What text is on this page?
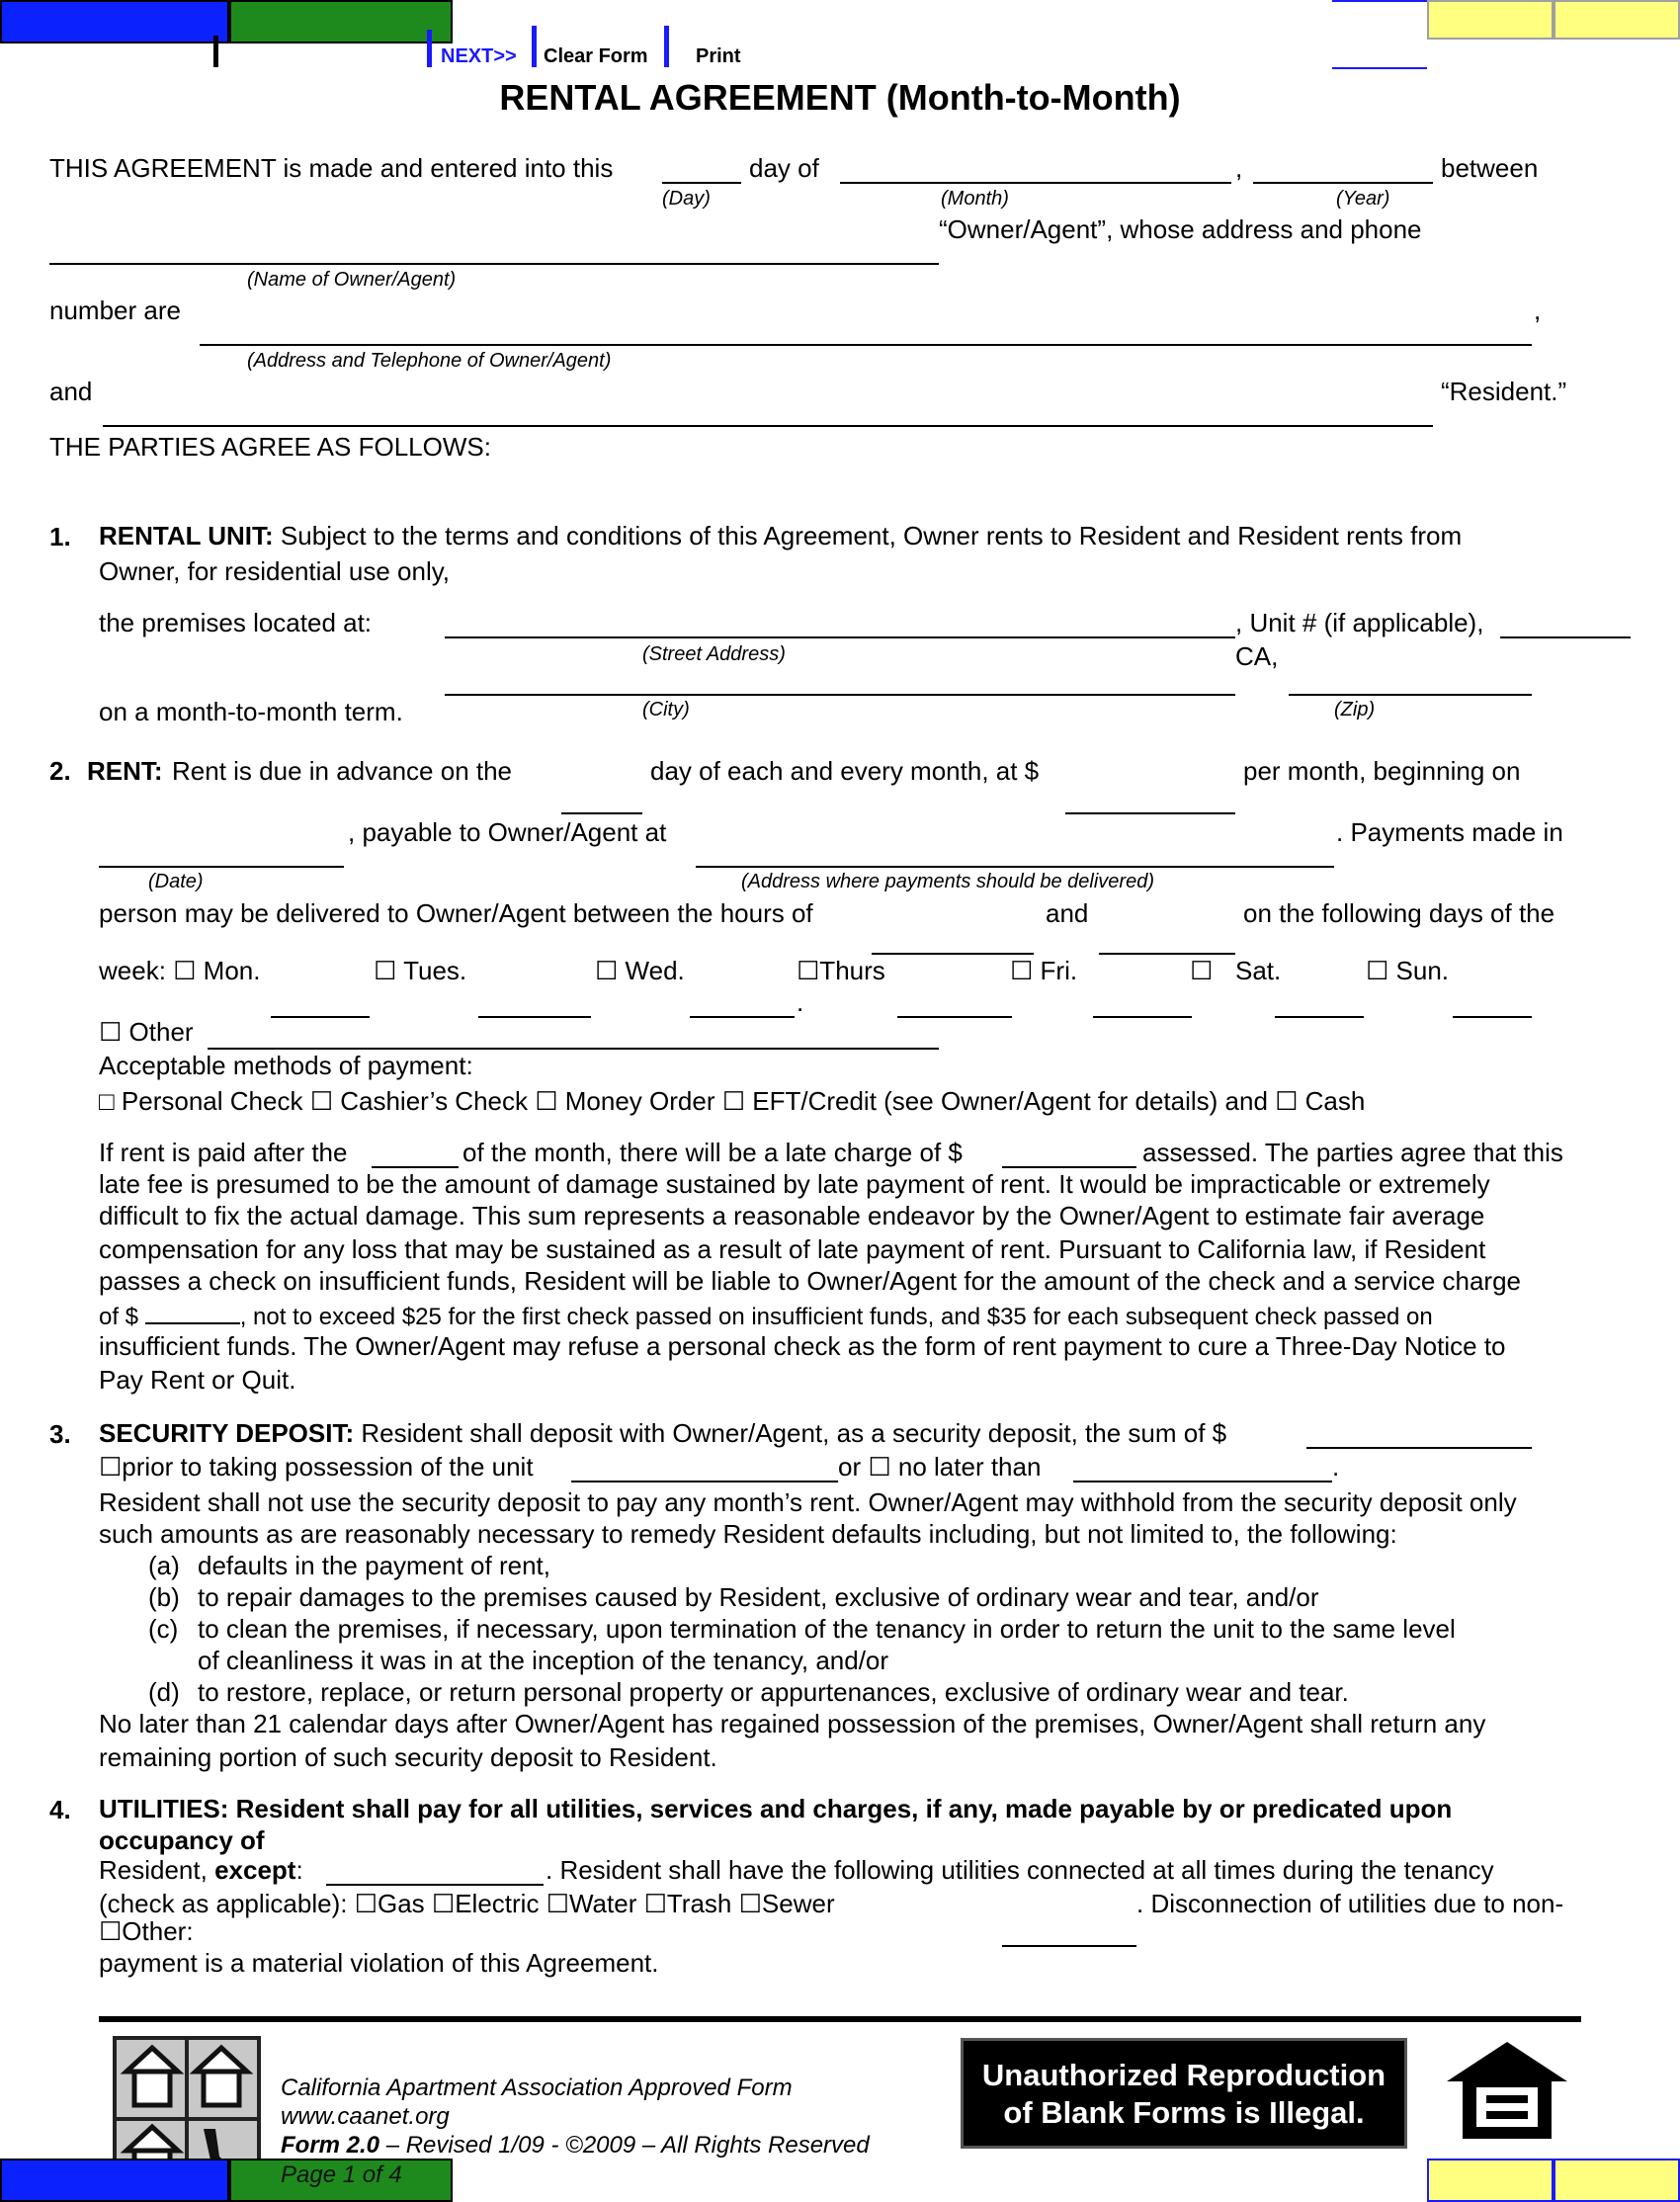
NEXT>> Clear Form Print
RENTAL AGREEMENT (Month-to-Month)
THIS AGREEMENT is made and entered into this	day of	,	between
(Day)	(Month)	(Year)
“Owner/Agent”, whose address and phone
(Name of Owner/Agent)
number are	,
(Address and Telephone of Owner/Agent)
and	“Resident.”
THE PARTIES AGREE AS FOLLOWS:
1. RENTAL UNIT: Subject to the terms and conditions of this Agreement, Owner rents to Resident and Resident rents from
Owner, for residential use only,
the premises located at:	, Unit # (if applicable),
(Street Address)	CA,
on a month-to-month term.	(City)	(Zip)
2. RENT: Rent is due in advance on the	day of each and every month, at $	per month, beginning on
, payable to Owner/Agent at	. Payments made in
(Date)	(Address where payments should be delivered)
person may be delivered to Owner/Agent between the hours of	and	on the following days of the
week: ☐ Mon.	☐ Tues.	☐ Wed.	☐Thurs	☐ Fri.	☐ Sat.	☐ Sun.
.
☐ Other
Acceptable methods of payment:
□ Personal Check ☐ Cashier’s Check ☐ Money Order ☐ EFT/Credit (see Owner/Agent for details) and ☐ Cash
If rent is paid after the	of the month, there will be a late charge of $	assessed. The parties agree that this
late fee is presumed to be the amount of damage sustained by late payment of rent. It would be impracticable or extremely
difficult to fix the actual damage. This sum represents a reasonable endeavor by the Owner/Agent to estimate fair average
compensation for any loss that may be sustained as a result of late payment of rent. Pursuant to California law, if Resident
passes a check on insufficient funds, Resident will be liable to Owner/Agent for the amount of the check and a service charge
of $	, not to exceed $25 for the first check passed on insufficient funds, and $35 for each subsequent check passed on
insufficient funds. The Owner/Agent may refuse a personal check as the form of rent payment to cure a Three-Day Notice to
Pay Rent or Quit.
3. SECURITY DEPOSIT: Resident shall deposit with Owner/Agent, as a security deposit, the sum of $
☐prior to taking possession of the unit	or ☐ no later than	.
Resident shall not use the security deposit to pay any month’s rent. Owner/Agent may withhold from the security deposit only
such amounts as are reasonably necessary to remedy Resident defaults including, but not limited to, the following:
(a) defaults in the payment of rent,
(b) to repair damages to the premises caused by Resident, exclusive of ordinary wear and tear, and/or
(c) to clean the premises, if necessary, upon termination of the tenancy in order to return the unit to the same level
of cleanliness it was in at the inception of the tenancy, and/or
(d) to restore, replace, or return personal property or appurtenances, exclusive of ordinary wear and tear.
No later than 21 calendar days after Owner/Agent has regained possession of the premises, Owner/Agent shall return any
remaining portion of such security deposit to Resident.
4. UTILITIES: Resident shall pay for all utilities, services and charges, if any, made payable by or predicated upon
occupancy of
Resident, except:	. Resident shall have the following utilities connected at all times during the tenancy
(check as applicable): ☐Gas ☐Electric ☐Water ☐Trash ☐Sewer	. Disconnection of utilities due to non-
☐Other:
payment is a material violation of this Agreement.
California Apartment Association Approved Form
www.caanet.org
Form 2.0 – Revised 1/09 - ©2009 – All Rights Reserved
Unauthorized Reproduction
of Blank Forms is Illegal.
Page 1 of 4
